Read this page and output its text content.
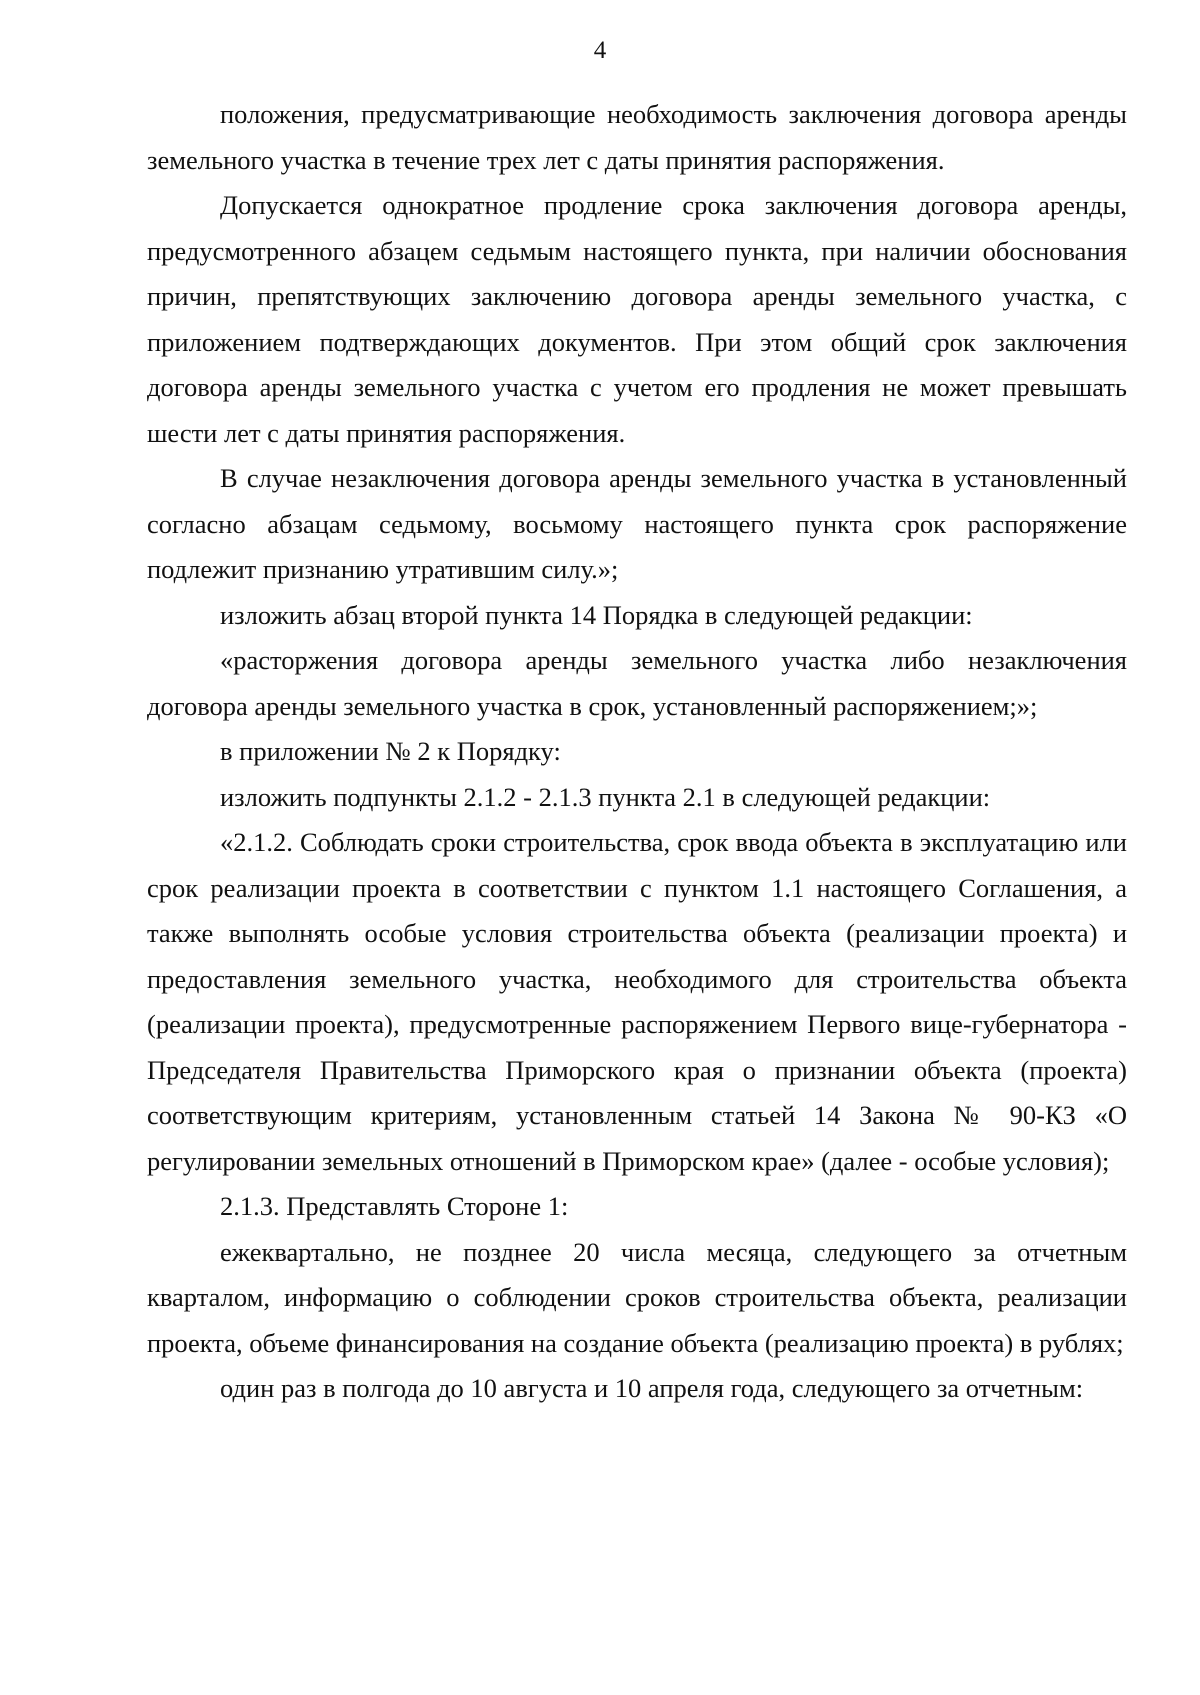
4

положения, предусматривающие необходимость заключения договора аренды земельного участка в течение трех лет с даты принятия распоряжения.

Допускается однократное продление срока заключения договора аренды, предусмотренного абзацем седьмым настоящего пункта, при наличии обоснования причин, препятствующих заключению договора аренды земельного участка, с приложением подтверждающих документов. При этом общий срок заключения договора аренды земельного участка с учетом его продления не может превышать шести лет с даты принятия распоряжения.

В случае незаключения договора аренды земельного участка в установленный согласно абзацам седьмому, восьмому настоящего пункта срок распоряжение подлежит признанию утратившим силу.»;

изложить абзац второй пункта 14 Порядка в следующей редакции:

«расторжения договора аренды земельного участка либо незаключения договора аренды земельного участка в срок, установленный распоряжением;»;

в приложении № 2 к Порядку:

изложить подпункты 2.1.2 - 2.1.3 пункта 2.1 в следующей редакции:

«2.1.2. Соблюдать сроки строительства, срок ввода объекта в эксплуатацию или срок реализации проекта в соответствии с пунктом 1.1 настоящего Соглашения, а также выполнять особые условия строительства объекта (реализации проекта) и предоставления земельного участка, необходимого для строительства объекта (реализации проекта), предусмотренные распоряжением Первого вице-губернатора - Председателя Правительства Приморского края о признании объекта (проекта) соответствующим критериям, установленным статьей 14 Закона № 90-КЗ «О регулировании земельных отношений в Приморском крае» (далее - особые условия);

2.1.3. Представлять Стороне 1:

ежеквартально, не позднее 20 числа месяца, следующего за отчетным кварталом, информацию о соблюдении сроков строительства объекта, реализации проекта, объеме финансирования на создание объекта (реализацию проекта) в рублях;

один раз в полгода до 10 августа и 10 апреля года, следующего за отчетным:
